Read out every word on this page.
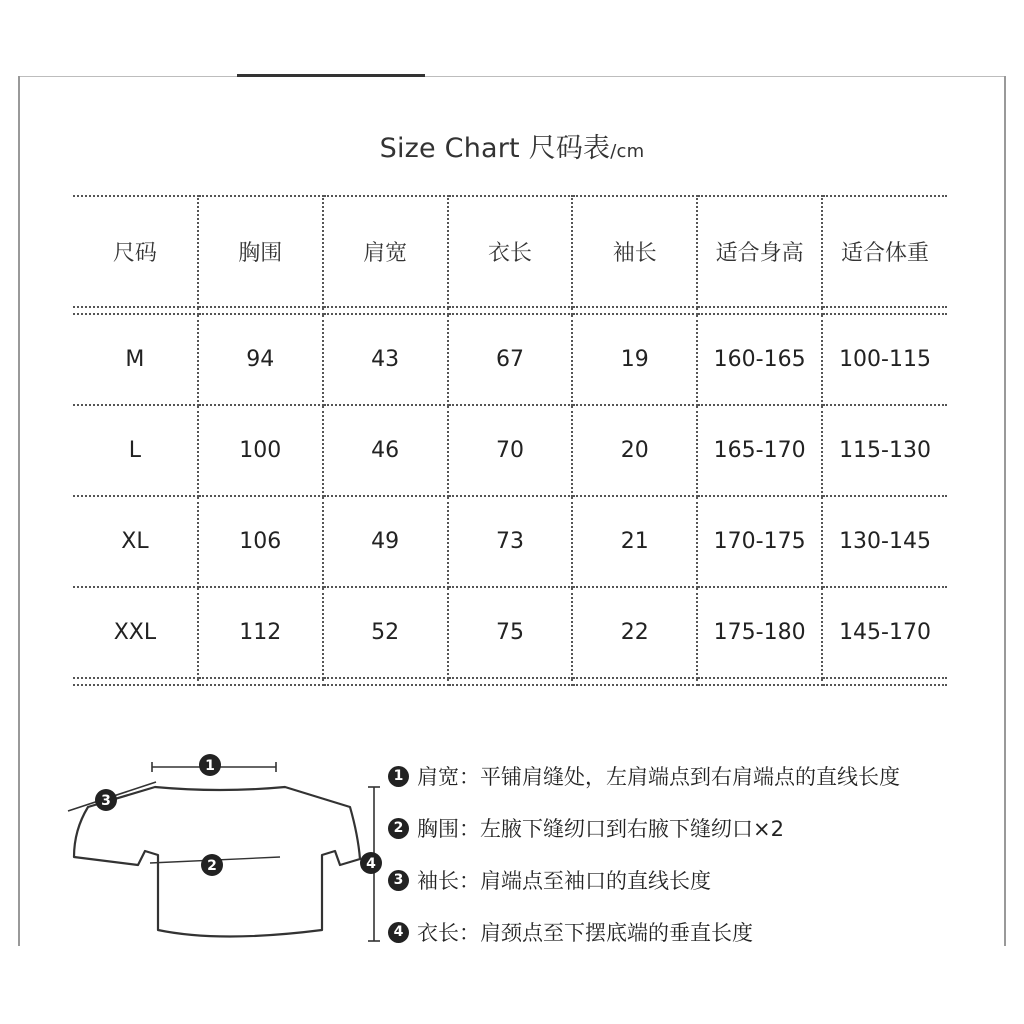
Size Chart 尺码表/cm
尺码	胸围	肩宽	衣长	袖长	适合身高	适合体重

M	94	43	67	19	160-165	100-115
L	100	46	70	20	165-170	115-130
XL	106	49	73	21	170-175	130-145
XXL	112	52	75	22	175-180	145-170

1
2
3
4
1 肩宽：平铺肩缝处，左肩端点到右肩端点的直线长度
2 胸围：左腋下缝纫口到右腋下缝纫口×2
3 袖长：肩端点至袖口的直线长度
4 衣长：肩颈点至下摆底端的垂直长度
